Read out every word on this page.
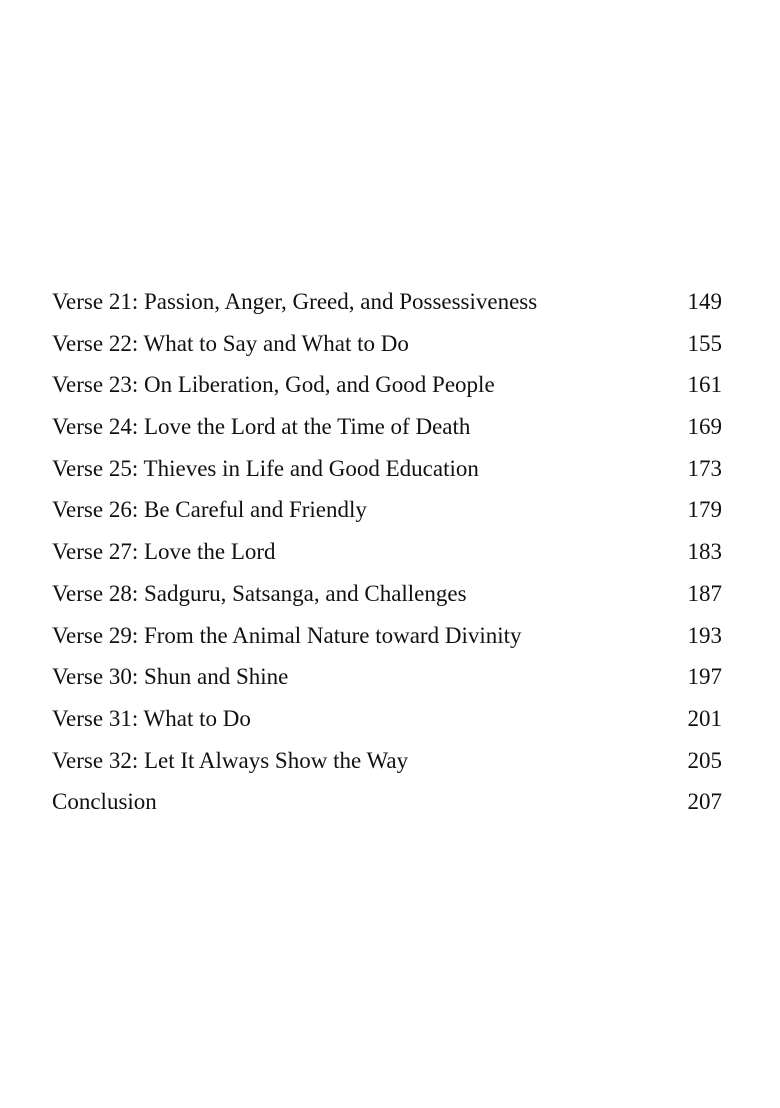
Verse 21: Passion, Anger, Greed, and Possessiveness	149
Verse 22: What to Say and What to Do	155
Verse 23: On Liberation, God, and Good People	161
Verse 24: Love the Lord at the Time of Death	169
Verse 25: Thieves in Life and Good Education	173
Verse 26: Be Careful and Friendly	179
Verse 27: Love the Lord	183
Verse 28: Sadguru, Satsanga, and Challenges	187
Verse 29: From the Animal Nature toward Divinity	193
Verse 30: Shun and Shine	197
Verse 31: What to Do	201
Verse 32: Let It Always Show the Way	205
Conclusion	207
